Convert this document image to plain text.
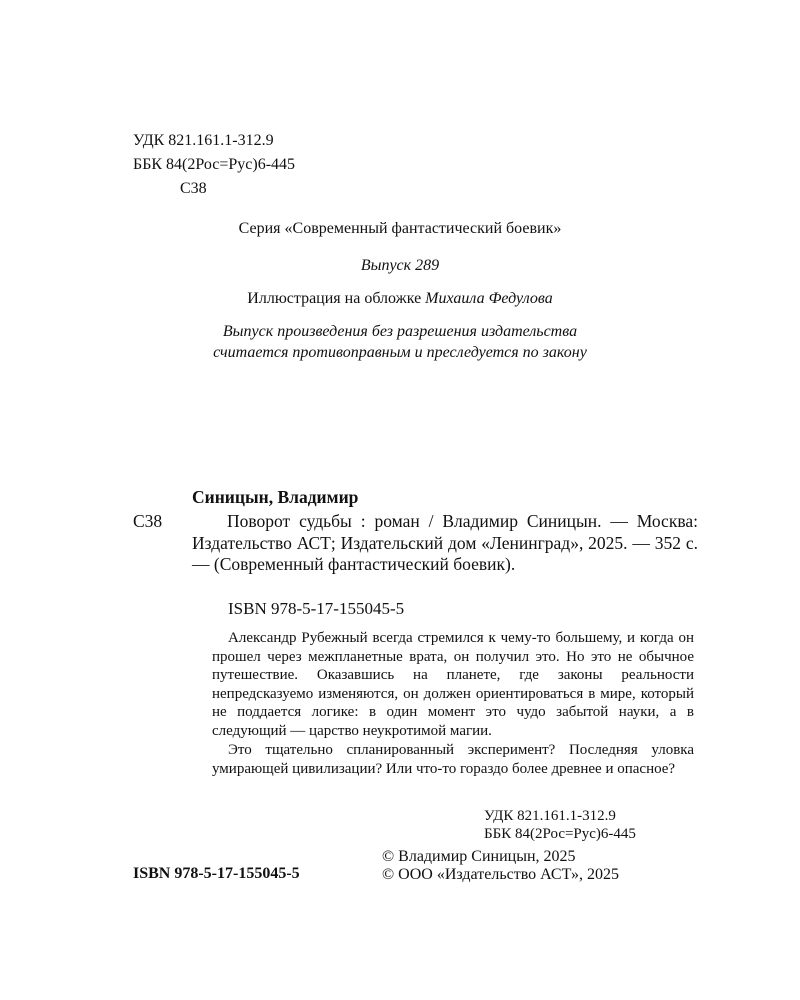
УДК 821.161.1-312.9
ББК 84(2Рос=Рус)6-445
С38
Серия «Современный фантастический боевик»
Выпуск 289
Иллюстрация на обложке Михаила Федулова
Выпуск произведения без разрешения издательства
считается противоправным и преследуется по закону
Синицын, Владимир
С38	Поворот судьбы : роман / Владимир Синицын. — Москва: Издательство АСТ; Издательский дом «Ленинград», 2025. — 352 с. — (Современный фантастический боевик).
ISBN 978-5-17-155045-5
Александр Рубежный всегда стремился к чему-то большему, и когда он прошел через межпланетные врата, он получил это. Но это не обычное путешествие. Оказавшись на планете, где законы реальности непредсказуемо изменяются, он должен ориентироваться в мире, который не поддается логике: в один момент это чудо забытой науки, а в следующий — царство неукротимой магии.
Это тщательно спланированный эксперимент? Последняя уловка умирающей цивилизации? Или что-то гораздо более древнее и опасное?
УДК 821.161.1-312.9
ББК 84(2Рос=Рус)6-445
ISBN 978-5-17-155045-5
© Владимир Синицын, 2025
© ООО «Издательство АСТ», 2025
